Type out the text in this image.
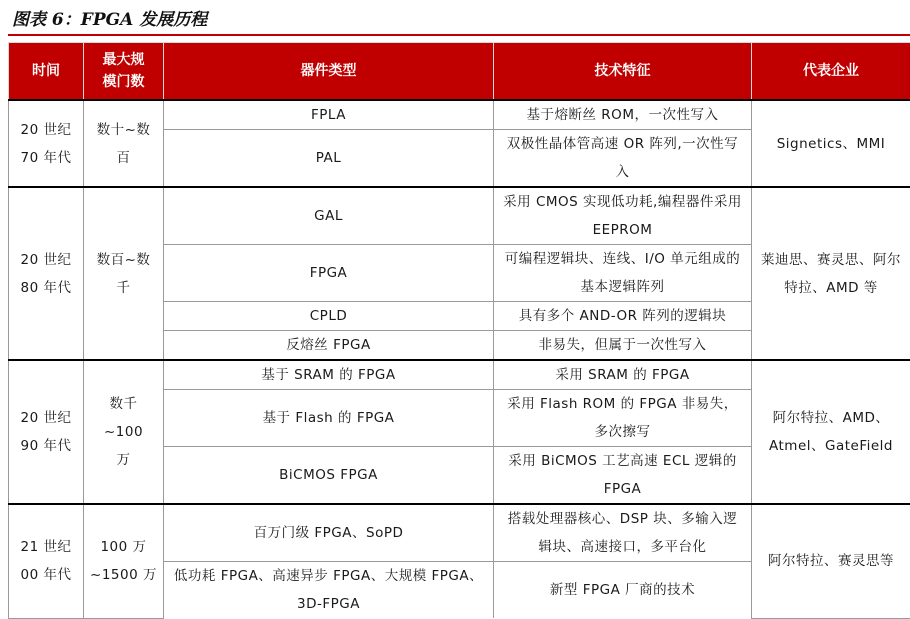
图表 6：FPGA 发展历程
时间	最大规模门数	器件类型	技术特征	代表企业
20 世纪 70 年代	数十~数百	FPLA	基于熔断丝 ROM，一次性写入	Signetics、MMI
		PAL	双极性晶体管高速 OR 阵列,一次性写入	
20 世纪 80 年代	数百~数千	GAL	采用 CMOS 实现低功耗,编程器件采用 EEPROM	莱迪思、赛灵思、阿尔特拉、AMD 等
		FPGA	可编程逻辑块、连线、I/O 单元组成的基本逻辑阵列	
		CPLD	具有多个 AND-OR 阵列的逻辑块	
		反熔丝 FPGA	非易失，但属于一次性写入	
20 世纪 90 年代	数千~100 万	基于 SRAM 的 FPGA	采用 SRAM 的 FPGA	阿尔特拉、AMD、Atmel、GateField
		基于 Flash 的 FPGA	采用 Flash ROM 的 FPGA 非易失，多次擦写	
		BiCMOS FPGA	采用 BiCMOS 工艺高速 ECL 逻辑的 FPGA	
21 世纪 00 年代	100 万~1500 万	百万门级 FPGA、SoPD	搭载处理器核心、DSP 块、多输入逻辑块、高速接口，多平台化	阿尔特拉、赛灵思等
		低功耗 FPGA、高速异步 FPGA、大规模 FPGA、3D-FPGA	新型 FPGA 厂商的技术	
